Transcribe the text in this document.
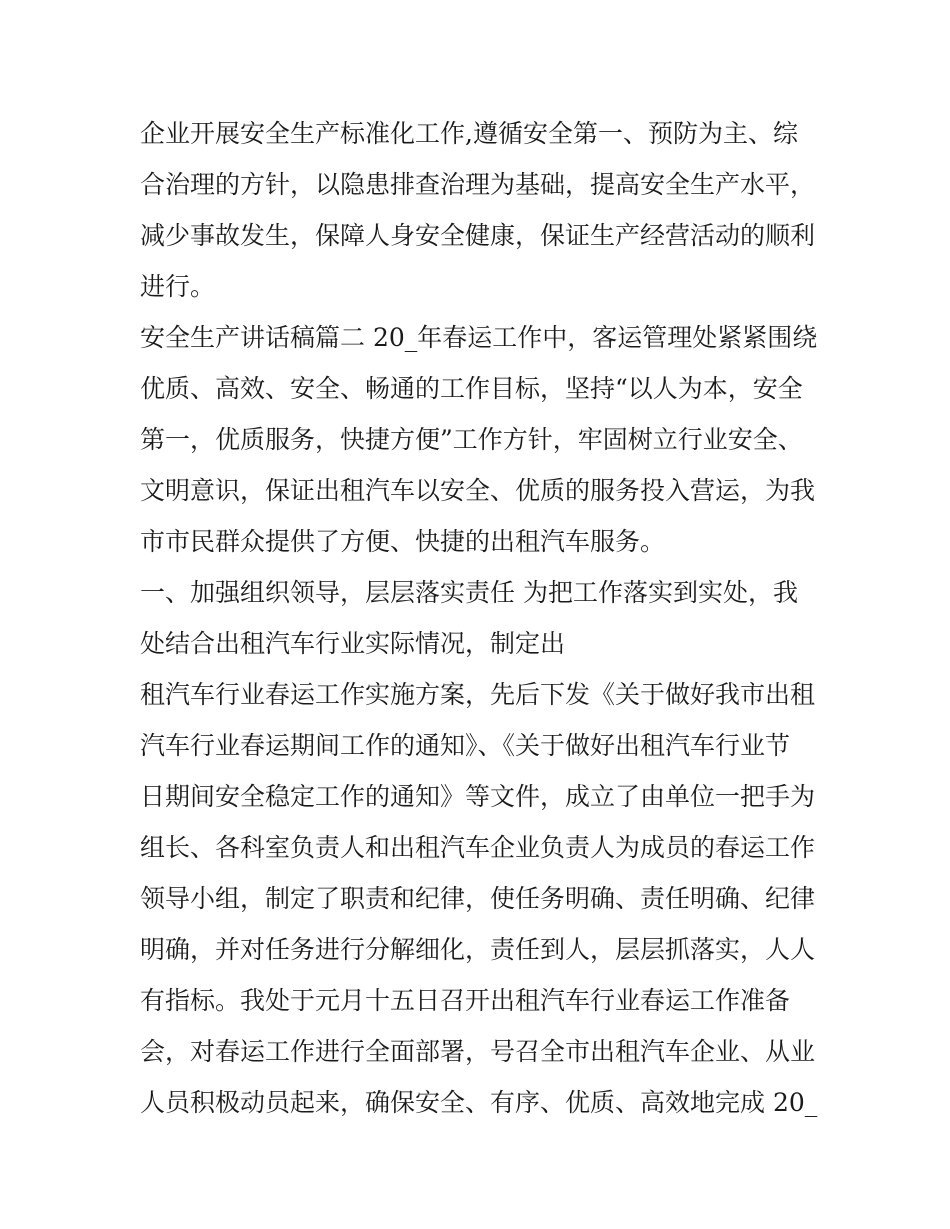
企业开展安全生产标准化工作,遵循安全第一、预防为主、综
合治理的方针，以隐患排查治理为基础，提高安全生产水平，
减少事故发生，保障人身安全健康，保证生产经营活动的顺利
进行。
安全生产讲话稿篇二 20_年春运工作中，客运管理处紧紧围绕
优质、高效、安全、畅通的工作目标，坚持“以人为本，安全
第一，优质服务，快捷方便”工作方针，牢固树立行业安全、
文明意识，保证出租汽车以安全、优质的服务投入营运，为我
市市民群众提供了方便、快捷的出租汽车服务。
一、加强组织领导，层层落实责任 为把工作落实到实处，我
处结合出租汽车行业实际情况，制定出
租汽车行业春运工作实施方案，先后下发《关于做好我市出租
汽车行业春运期间工作的通知》、《关于做好出租汽车行业节
日期间安全稳定工作的通知》等文件，成立了由单位一把手为
组长、各科室负责人和出租汽车企业负责人为成员的春运工作
领导小组，制定了职责和纪律，使任务明确、责任明确、纪律
明确，并对任务进行分解细化，责任到人，层层抓落实，人人
有指标。我处于元月十五日召开出租汽车行业春运工作准备
会，对春运工作进行全面部署，号召全市出租汽车企业、从业
人员积极动员起来，确保安全、有序、优质、高效地完成 20_
